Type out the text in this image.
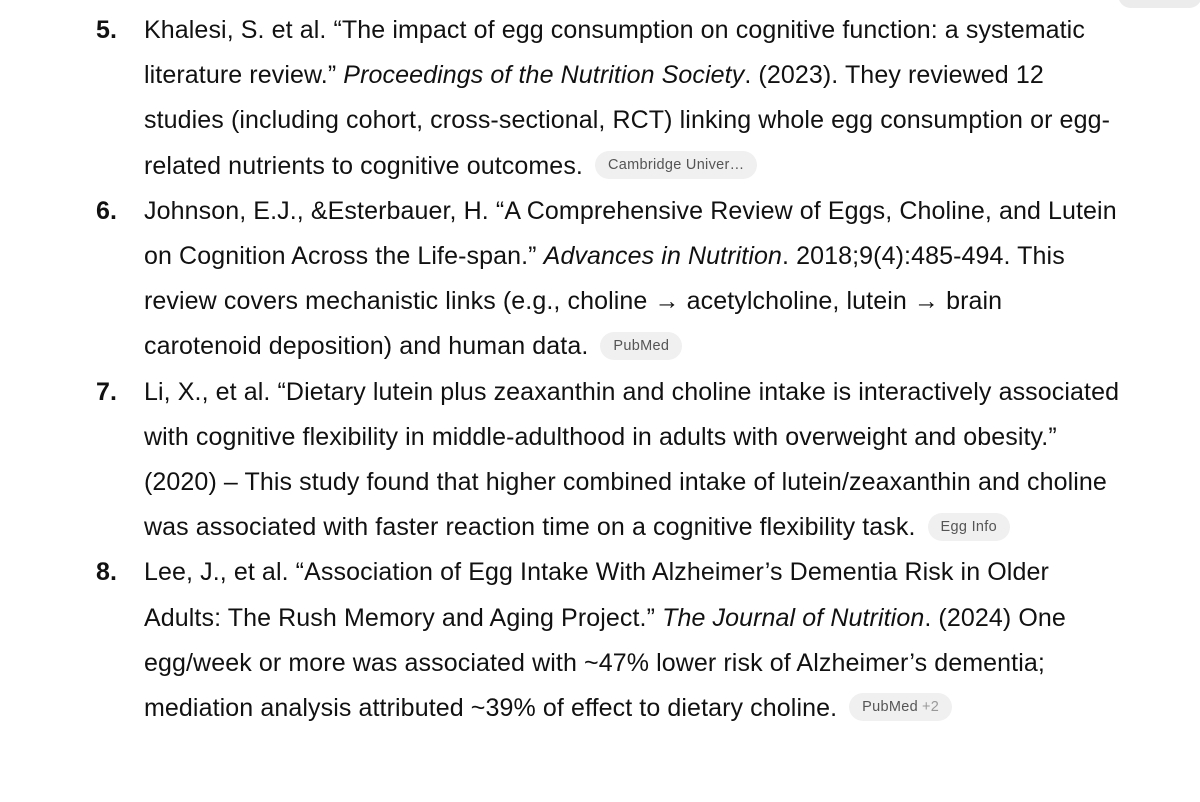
5. Khalesi, S. et al. “The impact of egg consumption on cognitive function: a systematic literature review.” Proceedings of the Nutrition Society. (2023). They reviewed 12 studies (including cohort, cross-sectional, RCT) linking whole egg consumption or egg-related nutrients to cognitive outcomes. Cambridge Univer…
6. Johnson, E.J., &Esterbauer, H. “A Comprehensive Review of Eggs, Choline, and Lutein on Cognition Across the Life-span.” Advances in Nutrition. 2018;9(4):485-494. This review covers mechanistic links (e.g., choline → acetylcholine, lutein → brain carotenoid deposition) and human data. PubMed
7. Li, X., et al. “Dietary lutein plus zeaxanthin and choline intake is interactively associated with cognitive flexibility in middle-adulthood in adults with overweight and obesity.” (2020) – This study found that higher combined intake of lutein/zeaxanthin and choline was associated with faster reaction time on a cognitive flexibility task. Egg Info
8. Lee, J., et al. “Association of Egg Intake With Alzheimer’s Dementia Risk in Older Adults: The Rush Memory and Aging Project.” The Journal of Nutrition. (2024) One egg/week or more was associated with ~47% lower risk of Alzheimer’s dementia; mediation analysis attributed ~39% of effect to dietary choline. PubMed +2
